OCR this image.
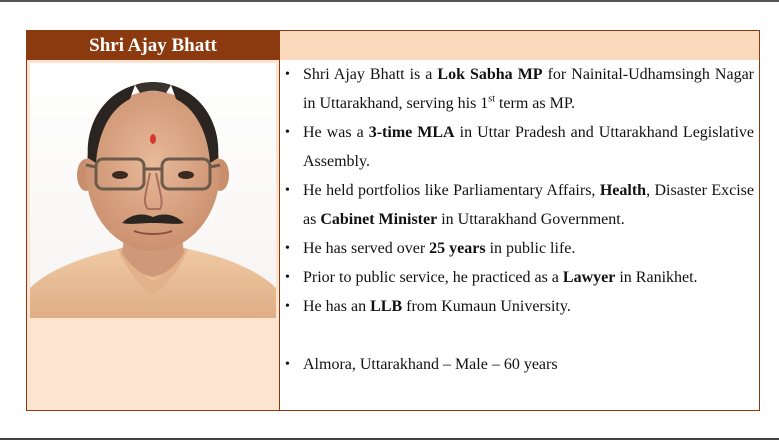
Shri Ajay Bhatt
• Shri Ajay Bhatt is a Lok Sabha MP for Nainital-Udhamsingh Nagar in Uttarakhand, serving his 1st term as MP.
• He was a 3-time MLA in Uttar Pradesh and Uttarakhand Legislative Assembly.
• He held portfolios like Parliamentary Affairs, Health, Disaster Excise as Cabinet Minister in Uttarakhand Government.
• He has served over 25 years in public life.
• Prior to public service, he practiced as a Lawyer in Ranikhet.
• He has an LLB from Kumaun University.
• Almora, Uttarakhand – Male – 60 years
